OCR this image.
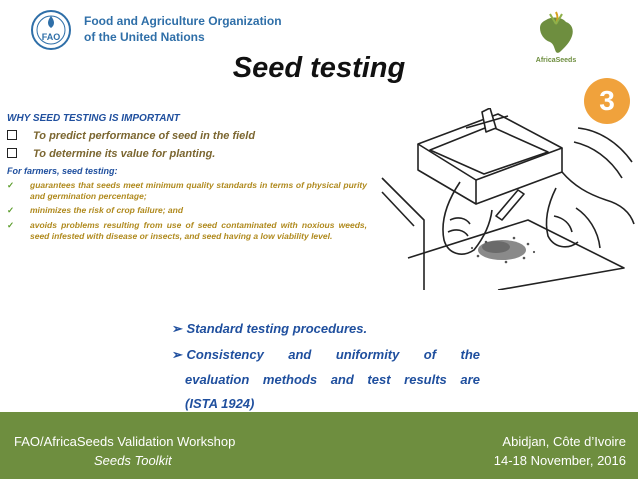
FAO
Food and Agriculture Organization
of the United Nations
AfricaSeeds
Seed testing
3
WHY SEED TESTING IS IMPORTANT
To predict performance of seed in the field
To determine its value for planting.
For farmers, seed testing:
✓ guarantees that seeds meet minimum quality standards in terms of physical purity and germination percentage;
✓ minimizes the risk of crop failure; and
✓ avoids problems resulting from use of seed contaminated with noxious weeds, seed infested with disease or insects, and seed having a low viability level.
➢ Standard testing procedures.
➢ Consistency and uniformity of the
evaluation methods and test results are
(ISTA 1924)
FAO/AfricaSeeds Validation Workshop
Seeds Toolkit
Abidjan, Côte d’Ivoire
14-18 November, 2016
